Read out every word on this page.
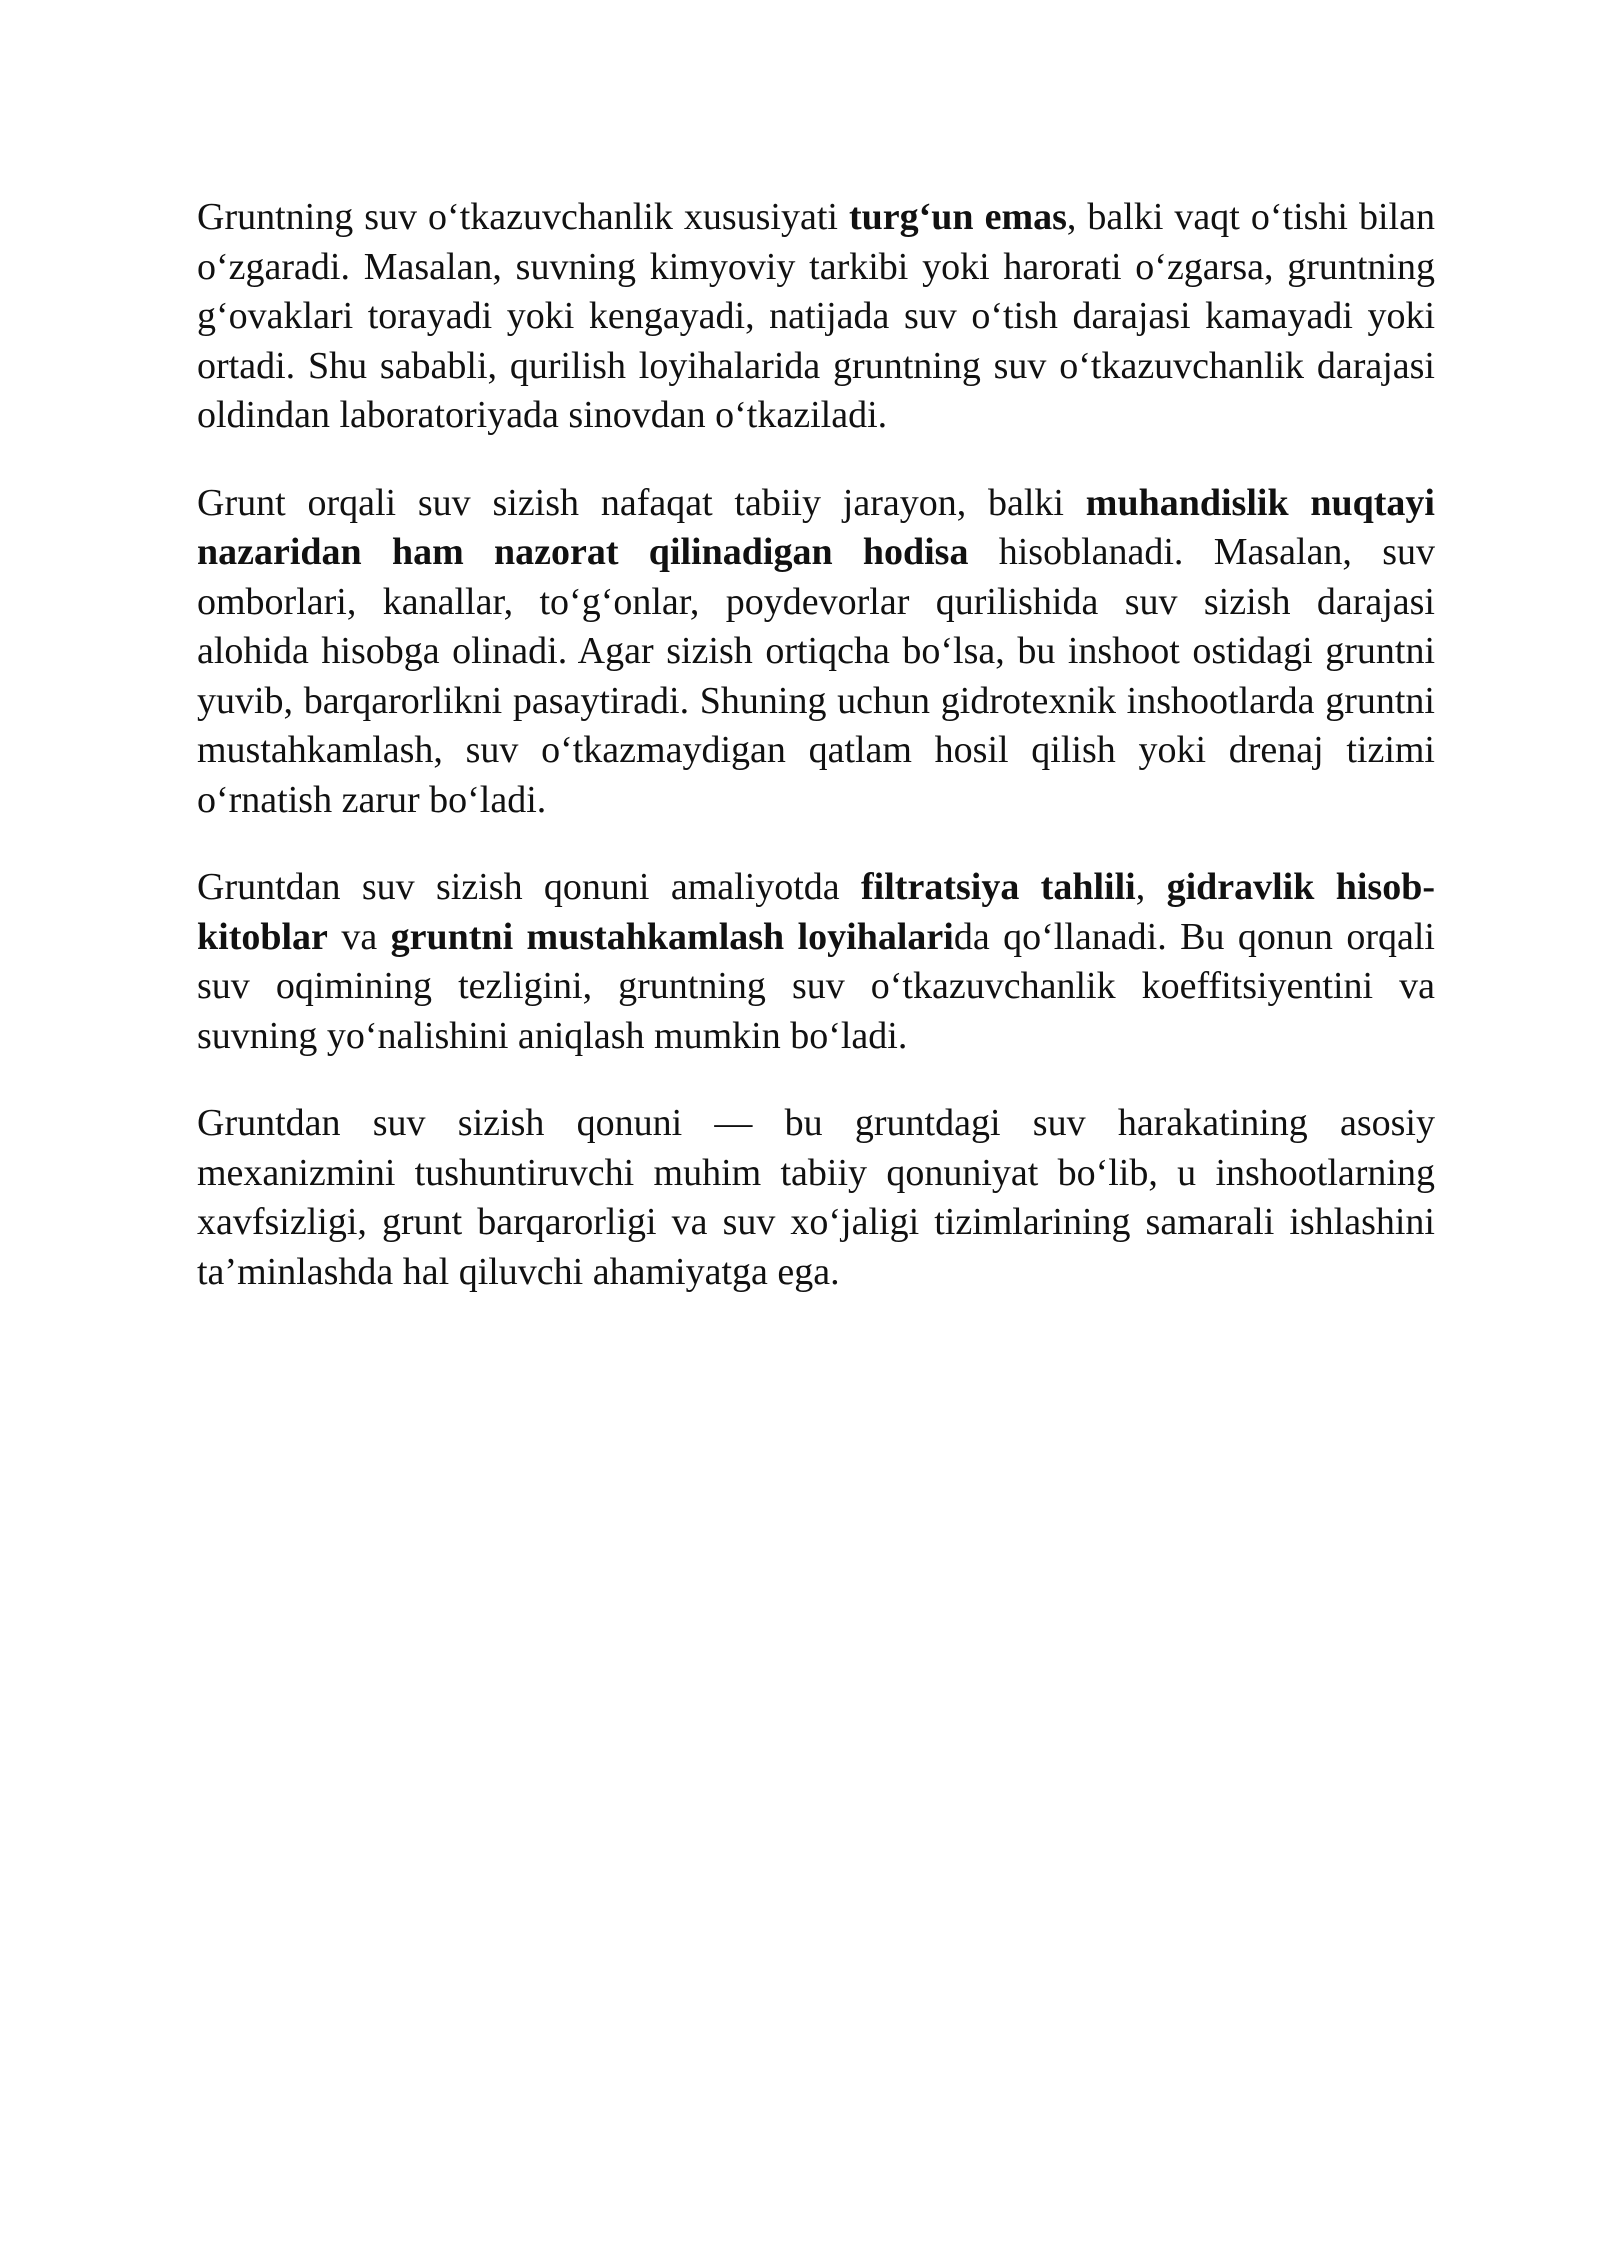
Gruntning suv o‘tkazuvchanlik xususiyati turg‘un emas, balki vaqt o‘tishi bilan o‘zgaradi. Masalan, suvning kimyoviy tarkibi yoki harorati o‘zgarsa, gruntning g‘ovaklari torayadi yoki kengayadi, natijada suv o‘tish darajasi kamayadi yoki ortadi. Shu sababli, qurilish loyihalarida gruntning suv o‘tkazuvchanlik darajasi oldindan laboratoriyada sinovdan o‘tkaziladi.

Grunt orqali suv sizish nafaqat tabiiy jarayon, balki muhandislik nuqtayi nazaridan ham nazorat qilinadigan hodisa hisoblanadi. Masalan, suv omborlari, kanallar, to‘g‘onlar, poydevorlar qurilishida suv sizish darajasi alohida hisobga olinadi. Agar sizish ortiqcha bo‘lsa, bu inshoot ostidagi gruntni yuvib, barqarorlikni pasaytiradi. Shuning uchun gidrotexnik inshootlarda gruntni mustahkamlash, suv o‘tkazmaydigan qatlam hosil qilish yoki drenaj tizimi o‘rnatish zarur bo‘ladi.

Gruntdan suv sizish qonuni amaliyotda filtratsiya tahlili, gidravlik hisob-kitoblar va gruntni mustahkamlash loyihalarida qo‘llanadi. Bu qonun orqali suv oqimining tezligini, gruntning suv o‘tkazuvchanlik koeffitsiyentini va suvning yo‘nalishini aniqlash mumkin bo‘ladi.

Gruntdan suv sizish qonuni — bu gruntdagi suv harakatining asosiy mexanizmini tushuntiruvchi muhim tabiiy qonuniyat bo‘lib, u inshootlarning xavfsizligi, grunt barqarorligi va suv xo‘jaligi tizimlarining samarali ishlashini ta’minlashda hal qiluvchi ahamiyatga ega.
